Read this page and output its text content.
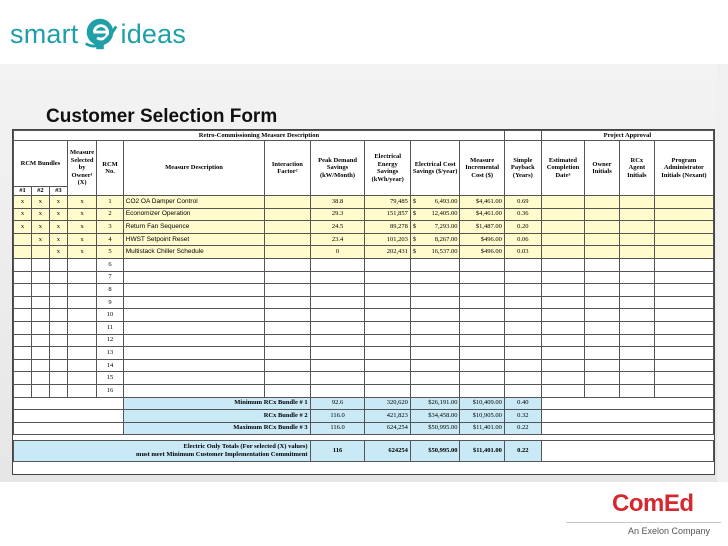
smart ideas
Customer Selection Form
Retro-Commissioning Measure Description												Project Approval			
RCM Bundles			Measure Selected by Owner¹ (X)	RCM No.	Measure Description	Interaction Factor²	Peak Demand Savings (kW/Month)	Electrical Energy Savings (kWh/year)	Electrical Cost Savings ($/year)	Measure Incremental Cost ($)	Simple Payback (Years)	Estimated Completion Date³	Owner Initials	RCx Agent Initials	Program Administrator Initials (Nexant)
#1	#2	#3													
x	x	x	x	1	CO2 OA Damper Control		38.8	79,485	$ 6,493.00	$4,461.00	0.69				
x	x	x	x	2	Economizer Operation		29.3	151,857	$ 12,405.00	$4,461.00	0.36				
x	x	x	x	3	Return Fan Sequence		24.5	89,278	$ 7,293.00	$1,487.00	0.20				
	x	x	x	4	HWST Setpoint Reset		23.4	101,203	$ 8,267.00	$496.00	0.06				
		x	x	5	Multistack Chiller Schedule		0	202,431	$ 16,537.00	$496.00	0.03				
				6											
				7											
				8											
				9											
				10											
				11											
				12											
				13											
				14											
				15											
				16											
					Minimum RCx Bundle # 1		92.6	320,620	$26,191.00	$10,409.00	0.40				
					RCx Bundle # 2		116.0	421,823	$34,458.00	$10,905.00	0.32				
					Maximum RCx Bundle # 3		116.0	624,254	$50,995.00	$11,401.00	0.22				

Electric Only Totals (For selected (X) values)
must meet Minimum Customer Implementation Commitment							116	624254	$50,995.00	$11,401.00	0.22				
ComEd
An Exelon Company
